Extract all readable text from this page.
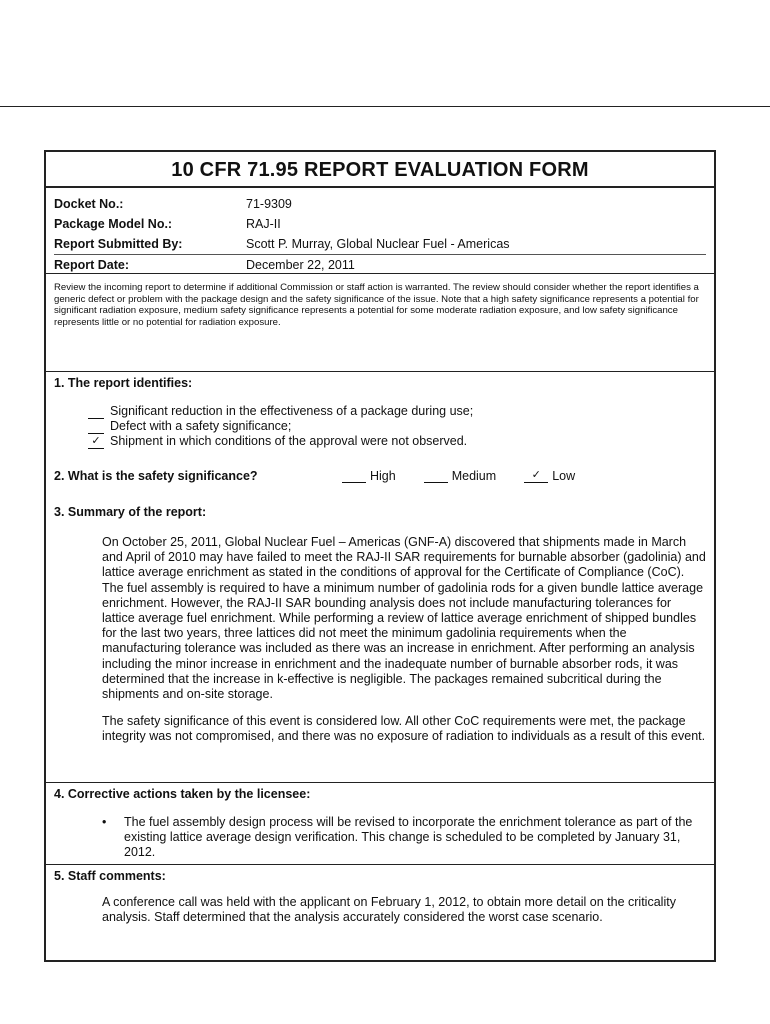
10 CFR 71.95 REPORT EVALUATION FORM
Docket No.:	71-9309
Package Model No.:	RAJ-II
Report Submitted By:	Scott P. Murray, Global Nuclear Fuel - Americas
Report Date:	December 22, 2011
Review the incoming report to determine if additional Commission or staff action is warranted. The review should consider whether the report identifies a generic defect or problem with the package design and the safety significance of the issue. Note that a high safety significance represents a potential for significant radiation exposure, medium safety significance represents a potential for some moderate radiation exposure, and low safety significance represents little or no potential for radiation exposure.
1. The report identifies:
Significant reduction in the effectiveness of a package during use;
Defect with a safety significance;
✓ Shipment in which conditions of the approval were not observed.
2. What is the safety significance?	High	Medium	✓ Low
3. Summary of the report:
On October 25, 2011, Global Nuclear Fuel – Americas (GNF-A) discovered that shipments made in March and April of 2010 may have failed to meet the RAJ-II SAR requirements for burnable absorber (gadolinia) and lattice average enrichment as stated in the conditions of approval for the Certificate of Compliance (CoC). The fuel assembly is required to have a minimum number of gadolinia rods for a given bundle lattice average enrichment. However, the RAJ-II SAR bounding analysis does not include manufacturing tolerances for lattice average fuel enrichment. While performing a review of lattice average enrichment of shipped bundles for the last two years, three lattices did not meet the minimum gadolinia requirements when the manufacturing tolerance was included as there was an increase in enrichment. After performing an analysis including the minor increase in enrichment and the inadequate number of burnable absorber rods, it was determined that the increase in k-effective is negligible. The packages remained subcritical during the shipments and on-site storage.
The safety significance of this event is considered low. All other CoC requirements were met, the package integrity was not compromised, and there was no exposure of radiation to individuals as a result of this event.
4. Corrective actions taken by the licensee:
•	The fuel assembly design process will be revised to incorporate the enrichment tolerance as part of the existing lattice average design verification. This change is scheduled to be completed by January 31, 2012.
5. Staff comments:
A conference call was held with the applicant on February 1, 2012, to obtain more detail on the criticality analysis. Staff determined that the analysis accurately considered the worst case scenario.
